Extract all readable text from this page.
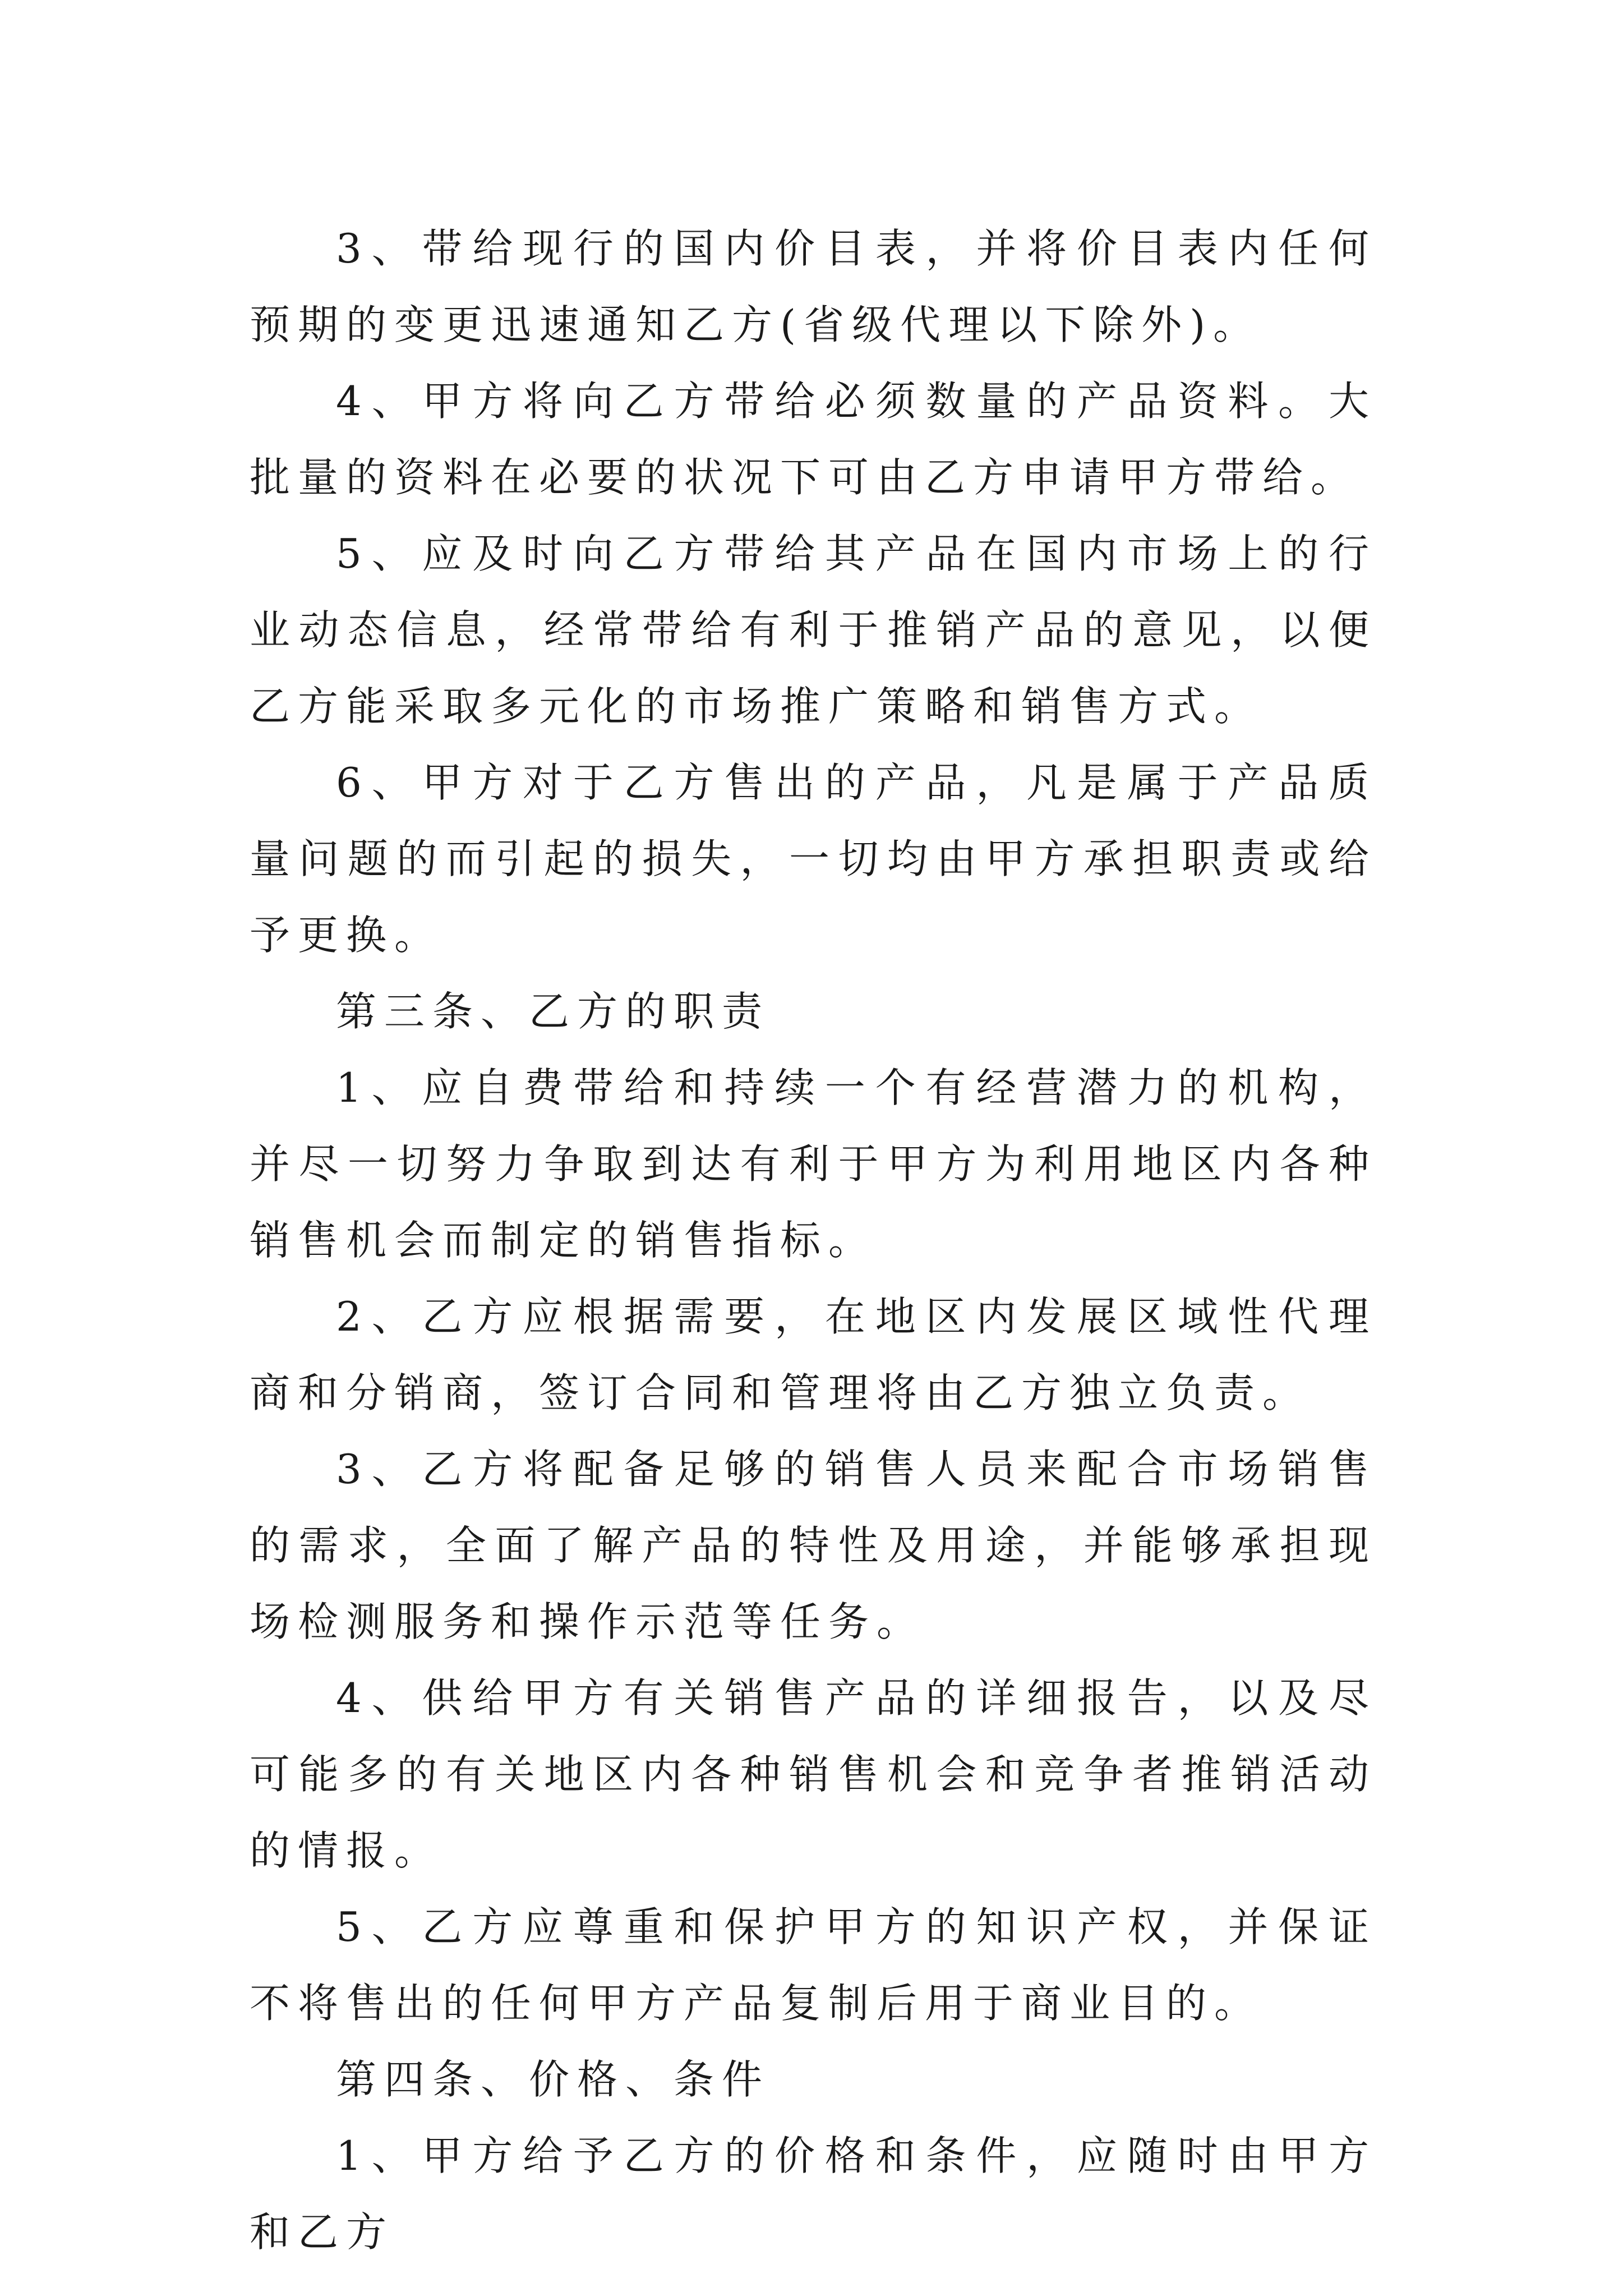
3、带给现行的国内价目表，并将价目表内任何预期的变更迅速通知乙方(省级代理以下除外)。

4、甲方将向乙方带给必须数量的产品资料。大批量的资料在必要的状况下可由乙方申请甲方带给。

5、应及时向乙方带给其产品在国内市场上的行业动态信息，经常带给有利于推销产品的意见，以便乙方能采取多元化的市场推广策略和销售方式。

6、甲方对于乙方售出的产品，凡是属于产品质量问题的而引起的损失，一切均由甲方承担职责或给予更换。

第三条、乙方的职责

1、应自费带给和持续一个有经营潜力的机构，并尽一切努力争取到达有利于甲方为利用地区内各种销售机会而制定的销售指标。

2、乙方应根据需要，在地区内发展区域性代理商和分销商，签订合同和管理将由乙方独立负责。

3、乙方将配备足够的销售人员来配合市场销售的需求，全面了解产品的特性及用途，并能够承担现场检测服务和操作示范等任务。

4、供给甲方有关销售产品的详细报告，以及尽可能多的有关地区内各种销售机会和竞争者推销活动的情报。

5、乙方应尊重和保护甲方的知识产权，并保证不将售出的任何甲方产品复制后用于商业目的。

第四条、价格、条件

1、甲方给予乙方的价格和条件，应随时由甲方和乙方
